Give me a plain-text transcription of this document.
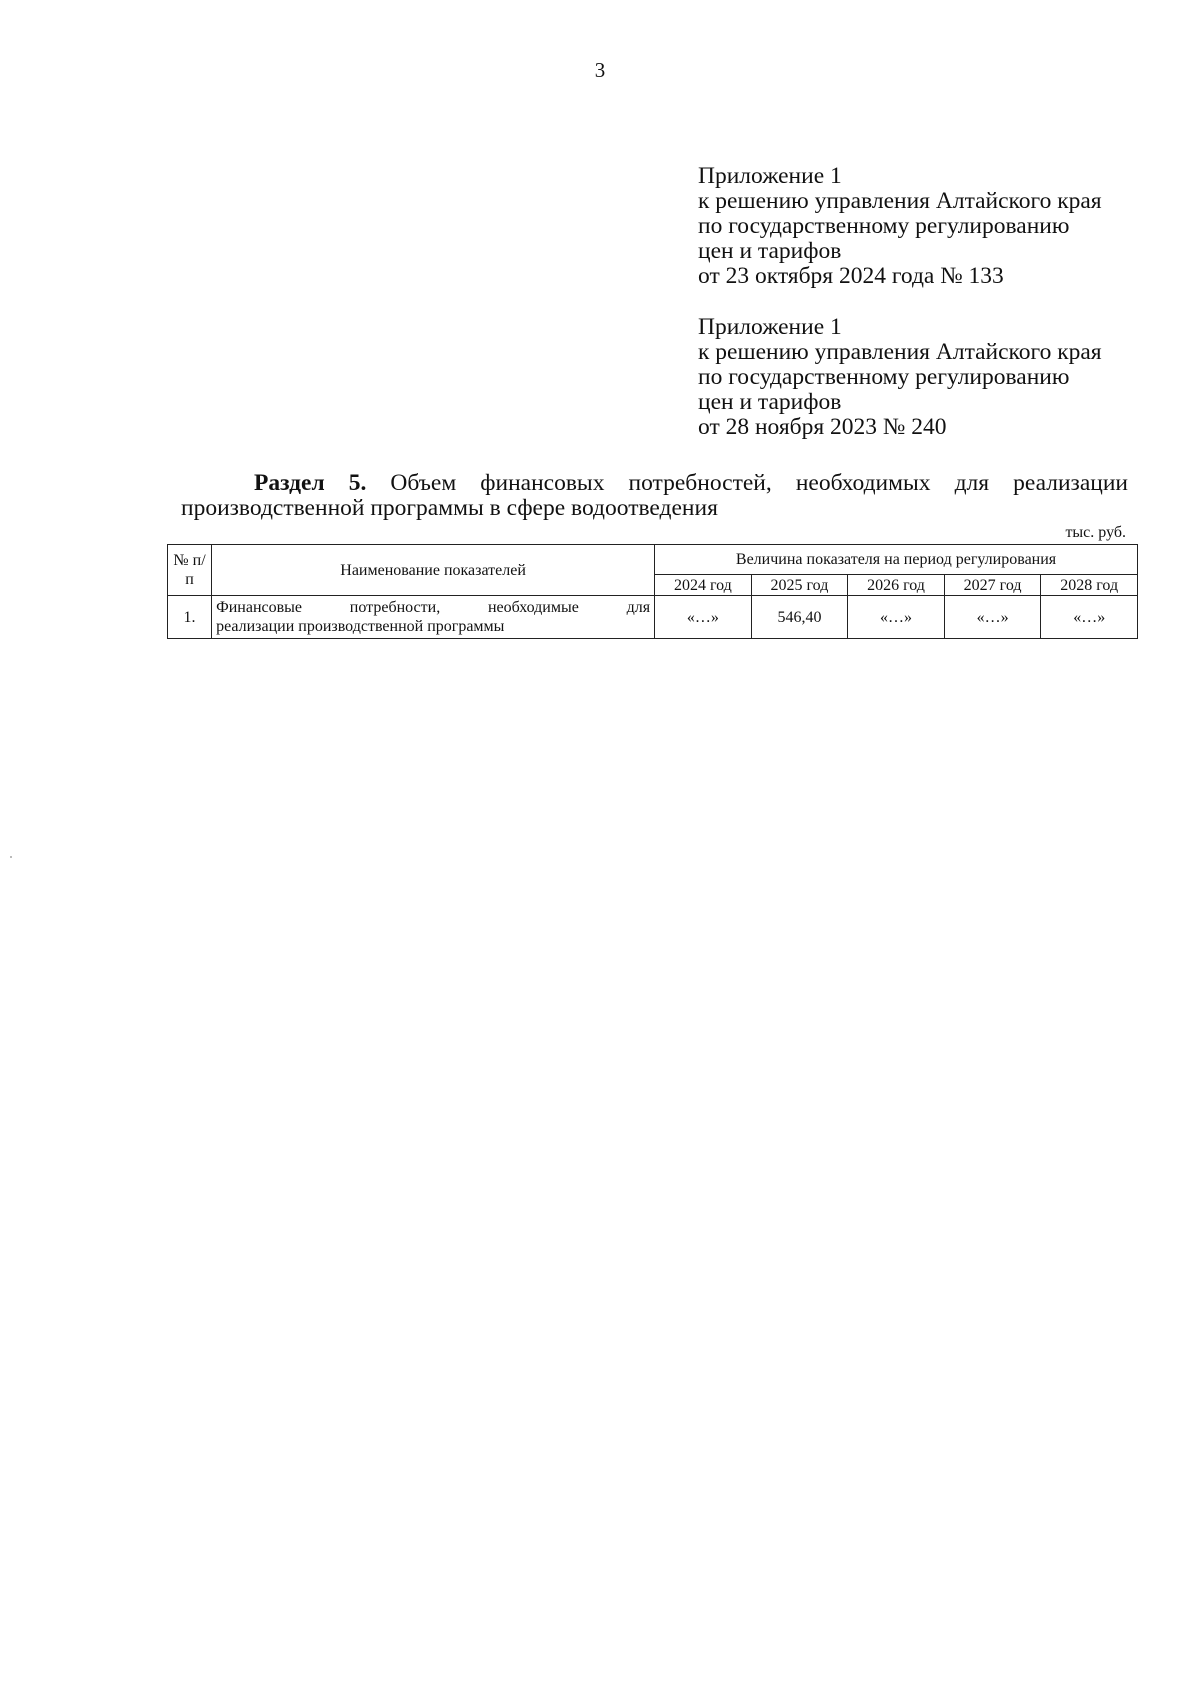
3
Приложение 1
к решению управления Алтайского края
по государственному регулированию
цен и тарифов
от 23 октября 2024 года № 133
Приложение 1
к решению управления Алтайского края
по государственному регулированию
цен и тарифов
от 28 ноября 2023 № 240
Раздел 5. Объем финансовых потребностей, необходимых для реализации
производственной программы в сфере водоотведения
тыс. руб.
№ п/п	Наименование показателей	Величина показателя на период регулирования				
		2024 год	2025 год	2026 год	2027 год	2028 год
1.	Финансовые потребности, необходимые для
реализации производственной программы	«…»	546,40	«…»	«…»	«…»
